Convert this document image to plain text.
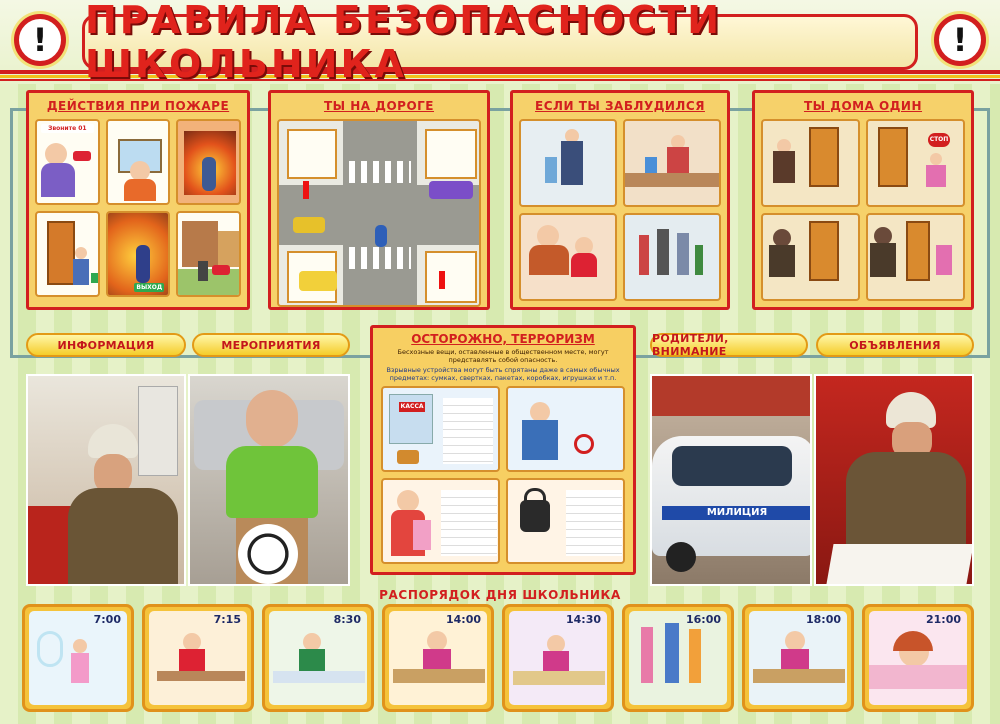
!	!
ПРАВИЛА БЕЗОПАСНОСТИ ШКОЛЬНИКА
ДЕЙСТВИЯ ПРИ ПОЖАРЕ
Звоните 01
ВЫХОД
ТЫ НА ДОРОГЕ	ЕСЛИ ТЫ ЗАБЛУДИЛСЯ	ТЫ ДОМА ОДИН
СТОП
ИНФОРМАЦИЯ	МЕРОПРИЯТИЯ	РОДИТЕЛИ, ВНИМАНИЕ	ОБЪЯВЛЕНИЯ
ОСТОРОЖНО, ТЕРРОРИЗМ
Бесхозные вещи, оставленные в общественном месте, могут представлять собой опасность.
Взрывные устройства могут быть спрятаны даже в самых обычных предметах: сумках, свертках, пакетах, коробках, игрушках и т.п.
КАССА
МИЛИЦИЯ
РАСПОРЯДОК ДНЯ ШКОЛЬНИКА
7:00	7:15	8:30	14:00	14:30	16:00	18:00	21:00
